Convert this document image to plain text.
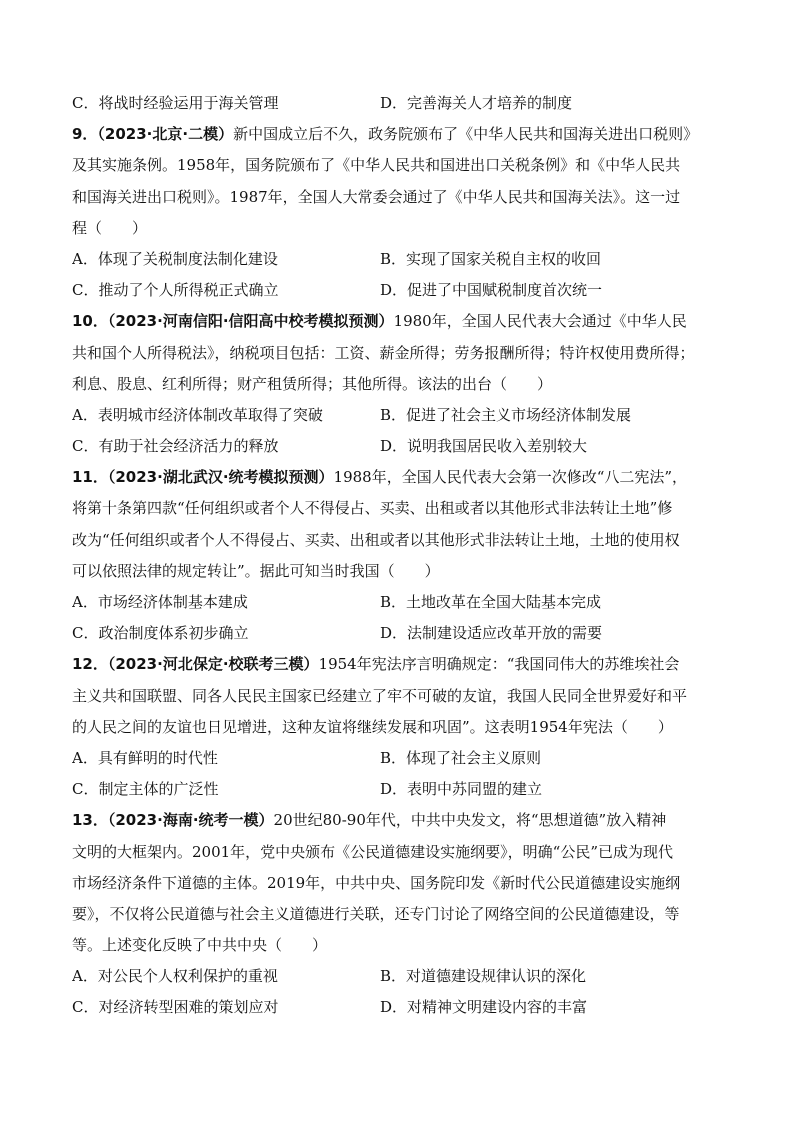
C．将战时经验运用于海关管理	D．完善海关人才培养的制度
9．（2023·北京·二模）新中国成立后不久，政务院颁布了《中华人民共和国海关进出口税则》
及其实施条例。1958年，国务院颁布了《中华人民共和国进出口关税条例》和《中华人民共
和国海关进出口税则》。1987年，全国人大常委会通过了《中华人民共和国海关法》。这一过
程（　　）
A．体现了关税制度法制化建设	B．实现了国家关税自主权的收回
C．推动了个人所得税正式确立	D．促进了中国赋税制度首次统一
10．（2023·河南信阳·信阳高中校考模拟预测）1980年，全国人民代表大会通过《中华人民
共和国个人所得税法》，纳税项目包括：工资、薪金所得；劳务报酬所得；特许权使用费所得；
利息、股息、红利所得；财产租赁所得；其他所得。该法的出台（　　）
A．表明城市经济体制改革取得了突破	B．促进了社会主义市场经济体制发展
C．有助于社会经济活力的释放	D．说明我国居民收入差别较大
11．（2023·湖北武汉·统考模拟预测）1988年，全国人民代表大会第一次修改“八二宪法”，
将第十条第四款“任何组织或者个人不得侵占、买卖、出租或者以其他形式非法转让土地”修
改为“任何组织或者个人不得侵占、买卖、出租或者以其他形式非法转让土地，土地的使用权
可以依照法律的规定转让”。据此可知当时我国（　　）
A．市场经济体制基本建成	B．土地改革在全国大陆基本完成
C．政治制度体系初步确立	D．法制建设适应改革开放的需要
12．（2023·河北保定·校联考三模）1954年宪法序言明确规定：“我国同伟大的苏维埃社会
主义共和国联盟、同各人民民主国家已经建立了牢不可破的友谊，我国人民同全世界爱好和平
的人民之间的友谊也日见增进，这种友谊将继续发展和巩固”。这表明1954年宪法（　　）
A．具有鲜明的时代性	B．体现了社会主义原则
C．制定主体的广泛性	D．表明中苏同盟的建立
13．（2023·海南·统考一模）20世纪80-90年代，中共中央发文，将“思想道德”放入精神
文明的大框架内。2001年，党中央颁布《公民道德建设实施纲要》，明确“公民”已成为现代
市场经济条件下道德的主体。2019年，中共中央、国务院印发《新时代公民道德建设实施纲
要》，不仅将公民道德与社会主义道德进行关联，还专门讨论了网络空间的公民道德建设，等
等。上述变化反映了中共中央（　　）
A．对公民个人权利保护的重视	B．对道德建设规律认识的深化
C．对经济转型困难的策划应对	D．对精神文明建设内容的丰富
